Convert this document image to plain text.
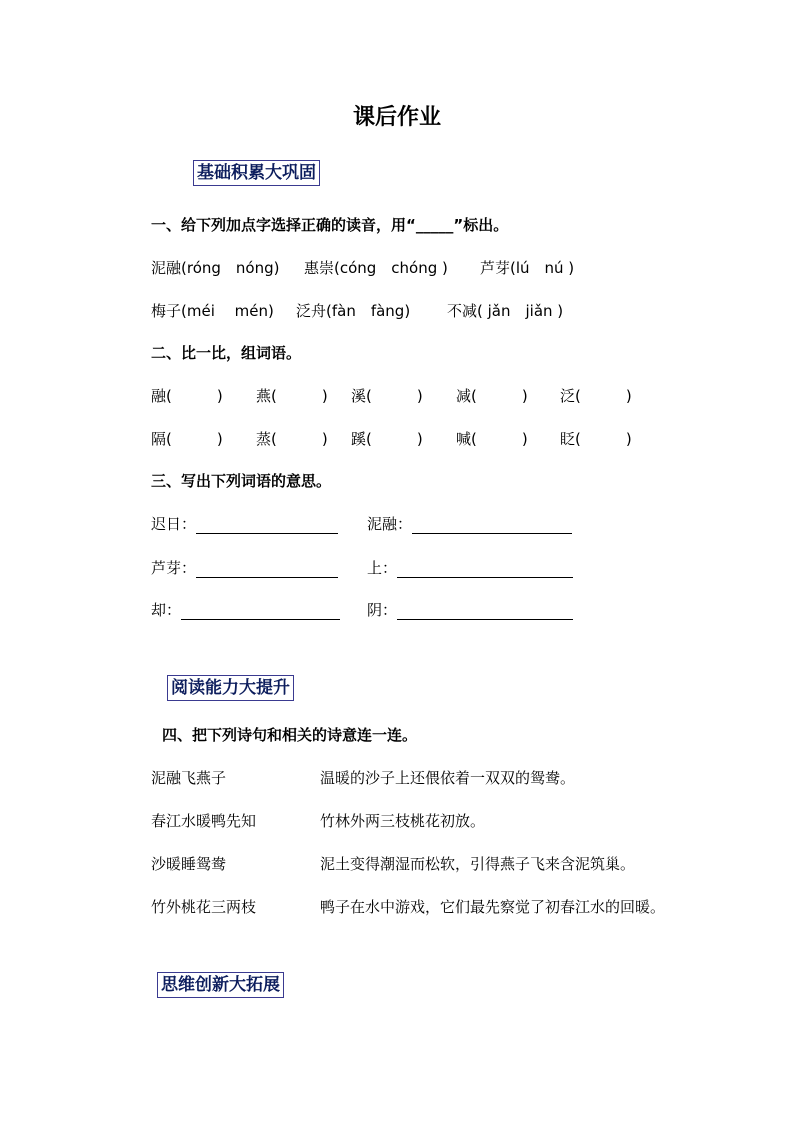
课后作业
基础积累大巩固
一、给下列加点字选择正确的读音，用“_____”标出。
泥融(róng　nóng) 惠崇(cóng　chóng ) 芦芽(lú　nú )
梅子(méi　 mén) 泛舟(fàn　fàng) 不减( jǎn　jiǎn )
二、比一比，组词语。
融(　　　) 燕(　　　) 溪(　　　) 减(　　　) 泛(　　　)
隔(　　　) 蒸(　　　) 蹊(　　　) 喊(　　　) 眨(　　　)
三、写出下列词语的意思。
迟日：	泥融：
芦芽：	上：
却：	阴：
阅读能力大提升
四、把下列诗句和相关的诗意连一连。
泥融飞燕子	温暖的沙子上还偎依着一双双的鸳鸯。
春江水暖鸭先知	竹林外两三枝桃花初放。
沙暖睡鸳鸯	泥土变得潮湿而松软，引得燕子飞来含泥筑巢。
竹外桃花三两枝	鸭子在水中游戏，它们最先察觉了初春江水的回暖。
思维创新大拓展
